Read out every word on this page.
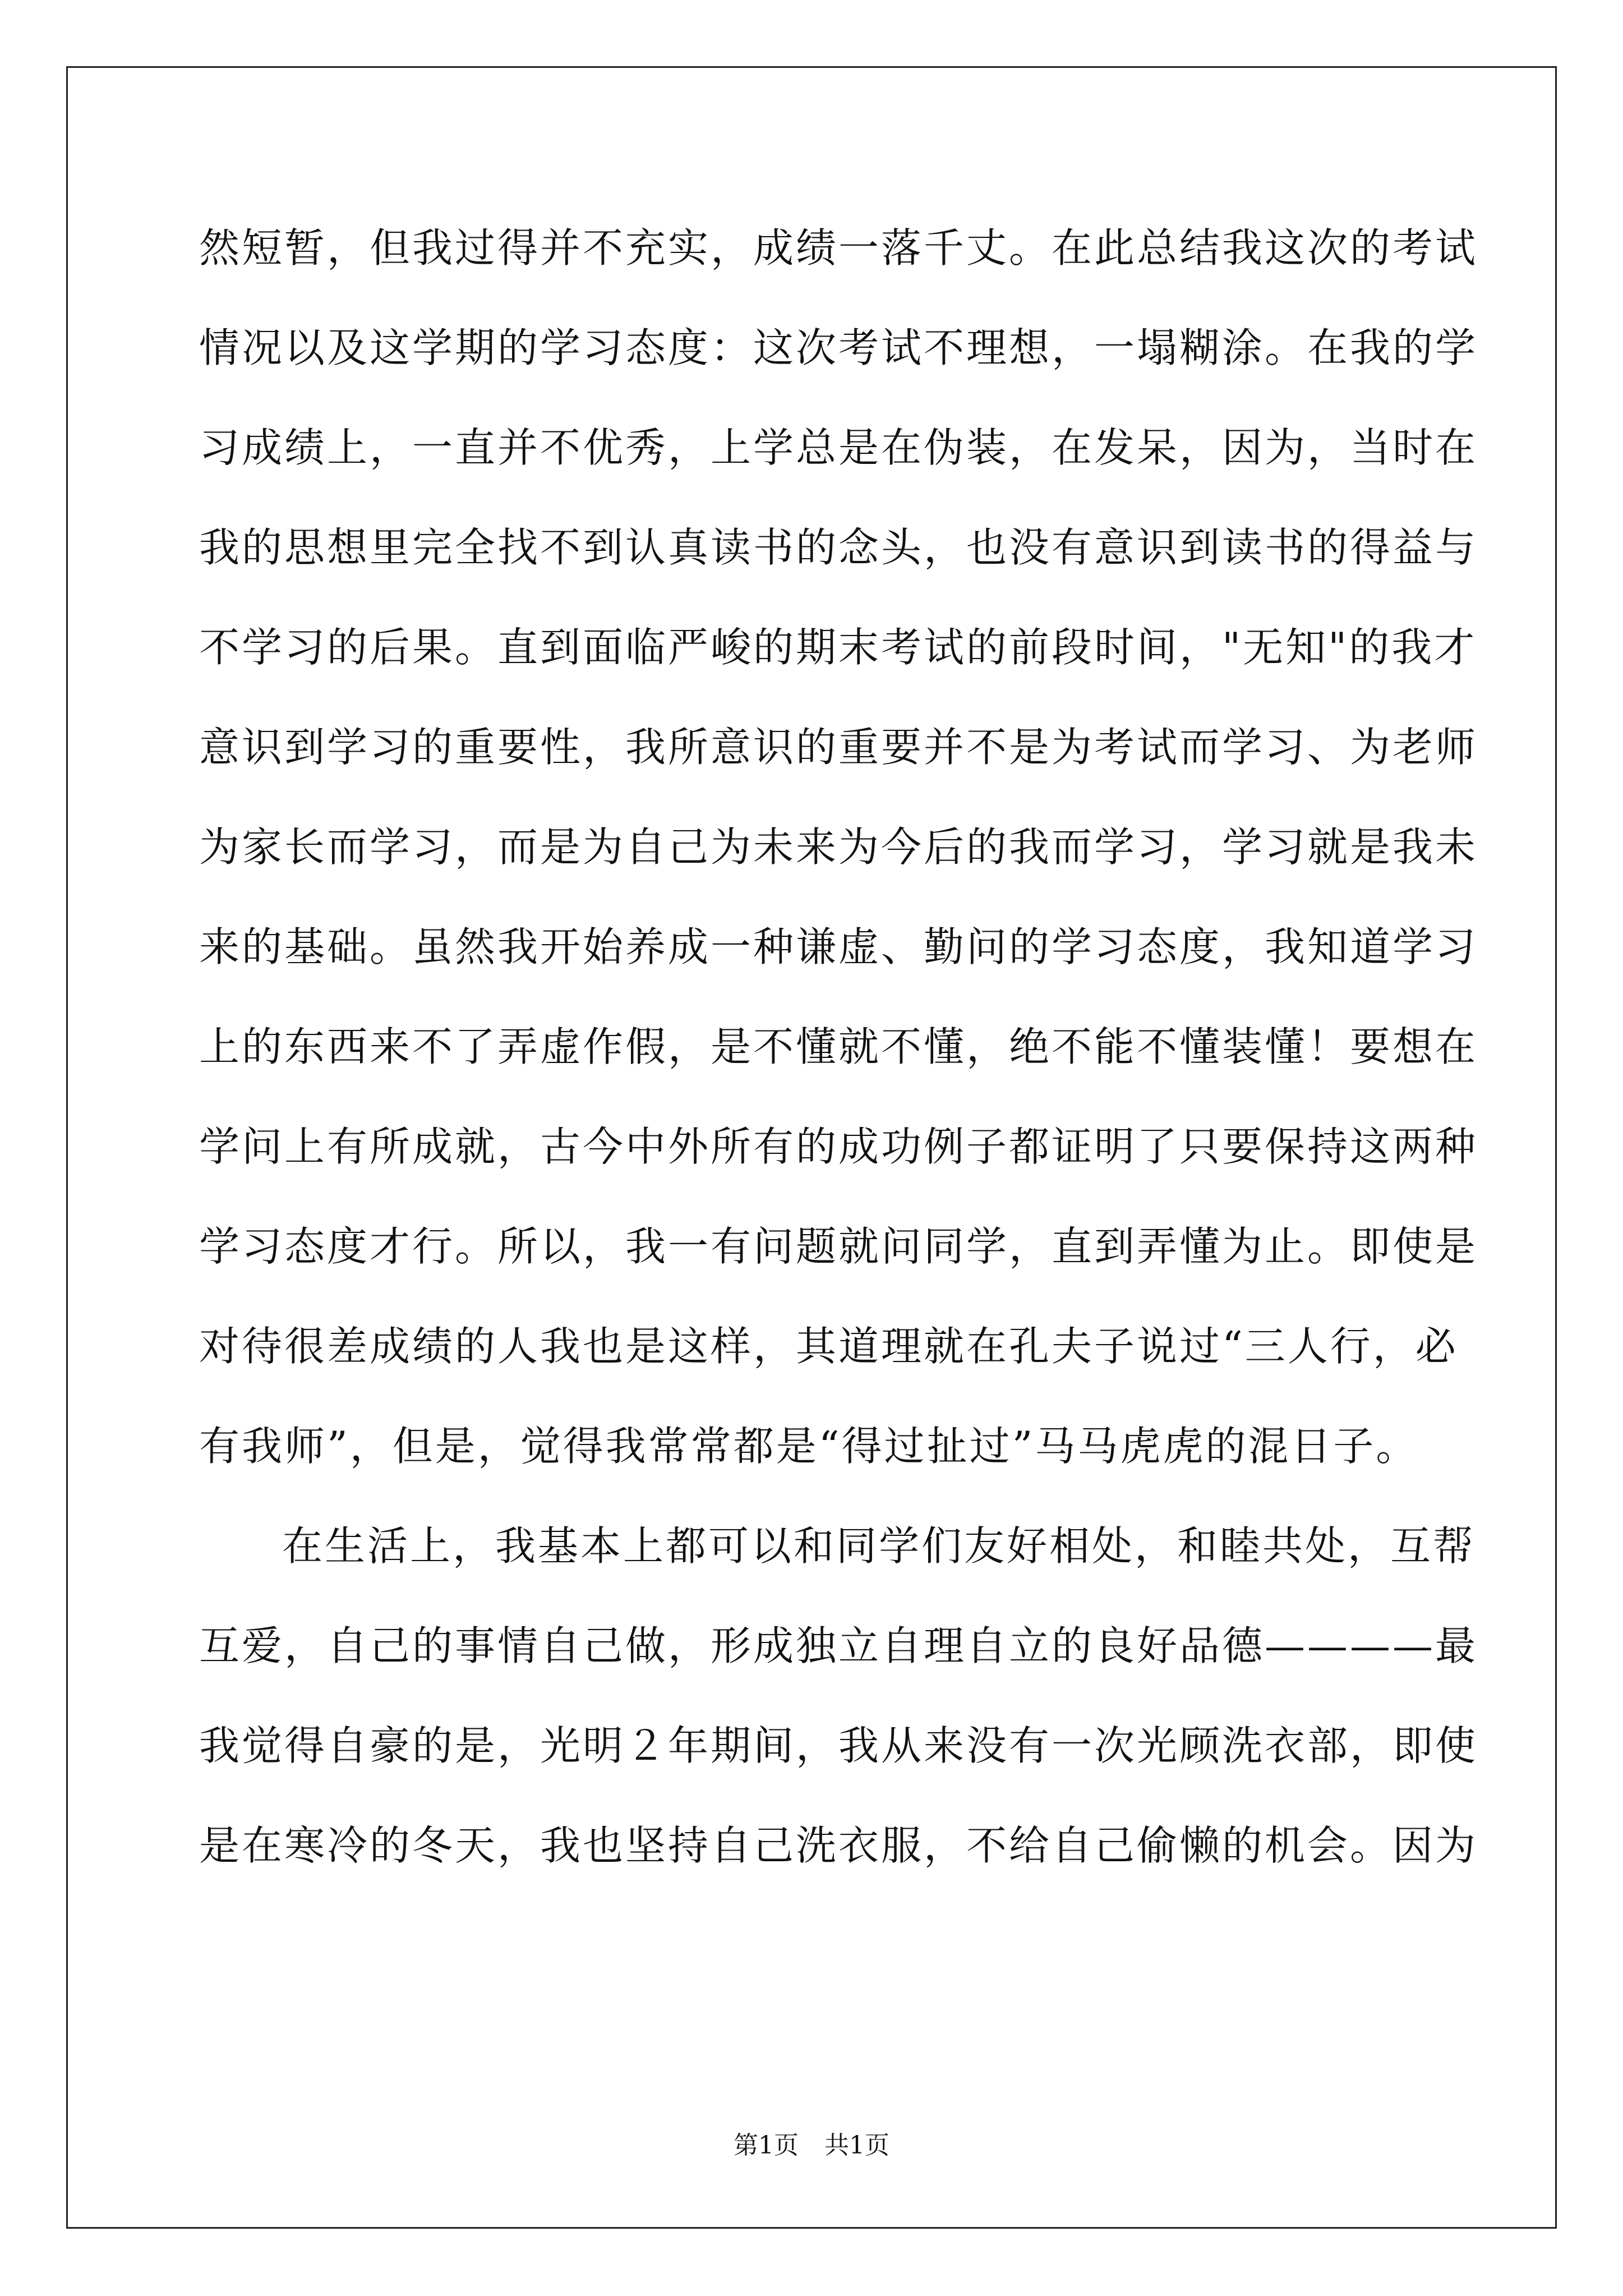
然短暂，但我过得并不充实，成绩一落千丈。在此总结我这次的考试
情况以及这学期的学习态度：这次考试不理想，一塌糊涂。在我的学
习成绩上，一直并不优秀，上学总是在伪装，在发呆，因为，当时在
我的思想里完全找不到认真读书的念头，也没有意识到读书的得益与
不学习的后果。直到面临严峻的期末考试的前段时间，"无知"的我才
意识到学习的重要性，我所意识的重要并不是为考试而学习、为老师
为家长而学习，而是为自己为未来为今后的我而学习，学习就是我未
来的基础。虽然我开始养成一种谦虚、勤问的学习态度，我知道学习
上的东西来不了弄虚作假，是不懂就不懂，绝不能不懂装懂！要想在
学问上有所成就，古今中外所有的成功例子都证明了只要保持这两种
学习态度才行。所以，我一有问题就问同学，直到弄懂为止。即使是
对待很差成绩的人我也是这样，其道理就在孔夫子说过“三人行，必
有我师”，但是，觉得我常常都是“得过扯过”马马虎虎的混日子。
在生活上，我基本上都可以和同学们友好相处，和睦共处，互帮
互爱，自己的事情自己做，形成独立自理自立的良好品德————最
我觉得自豪的是，光明２年期间，我从来没有一次光顾洗衣部，即使
是在寒冷的冬天，我也坚持自己洗衣服，不给自己偷懒的机会。因为
第1页 共1页
